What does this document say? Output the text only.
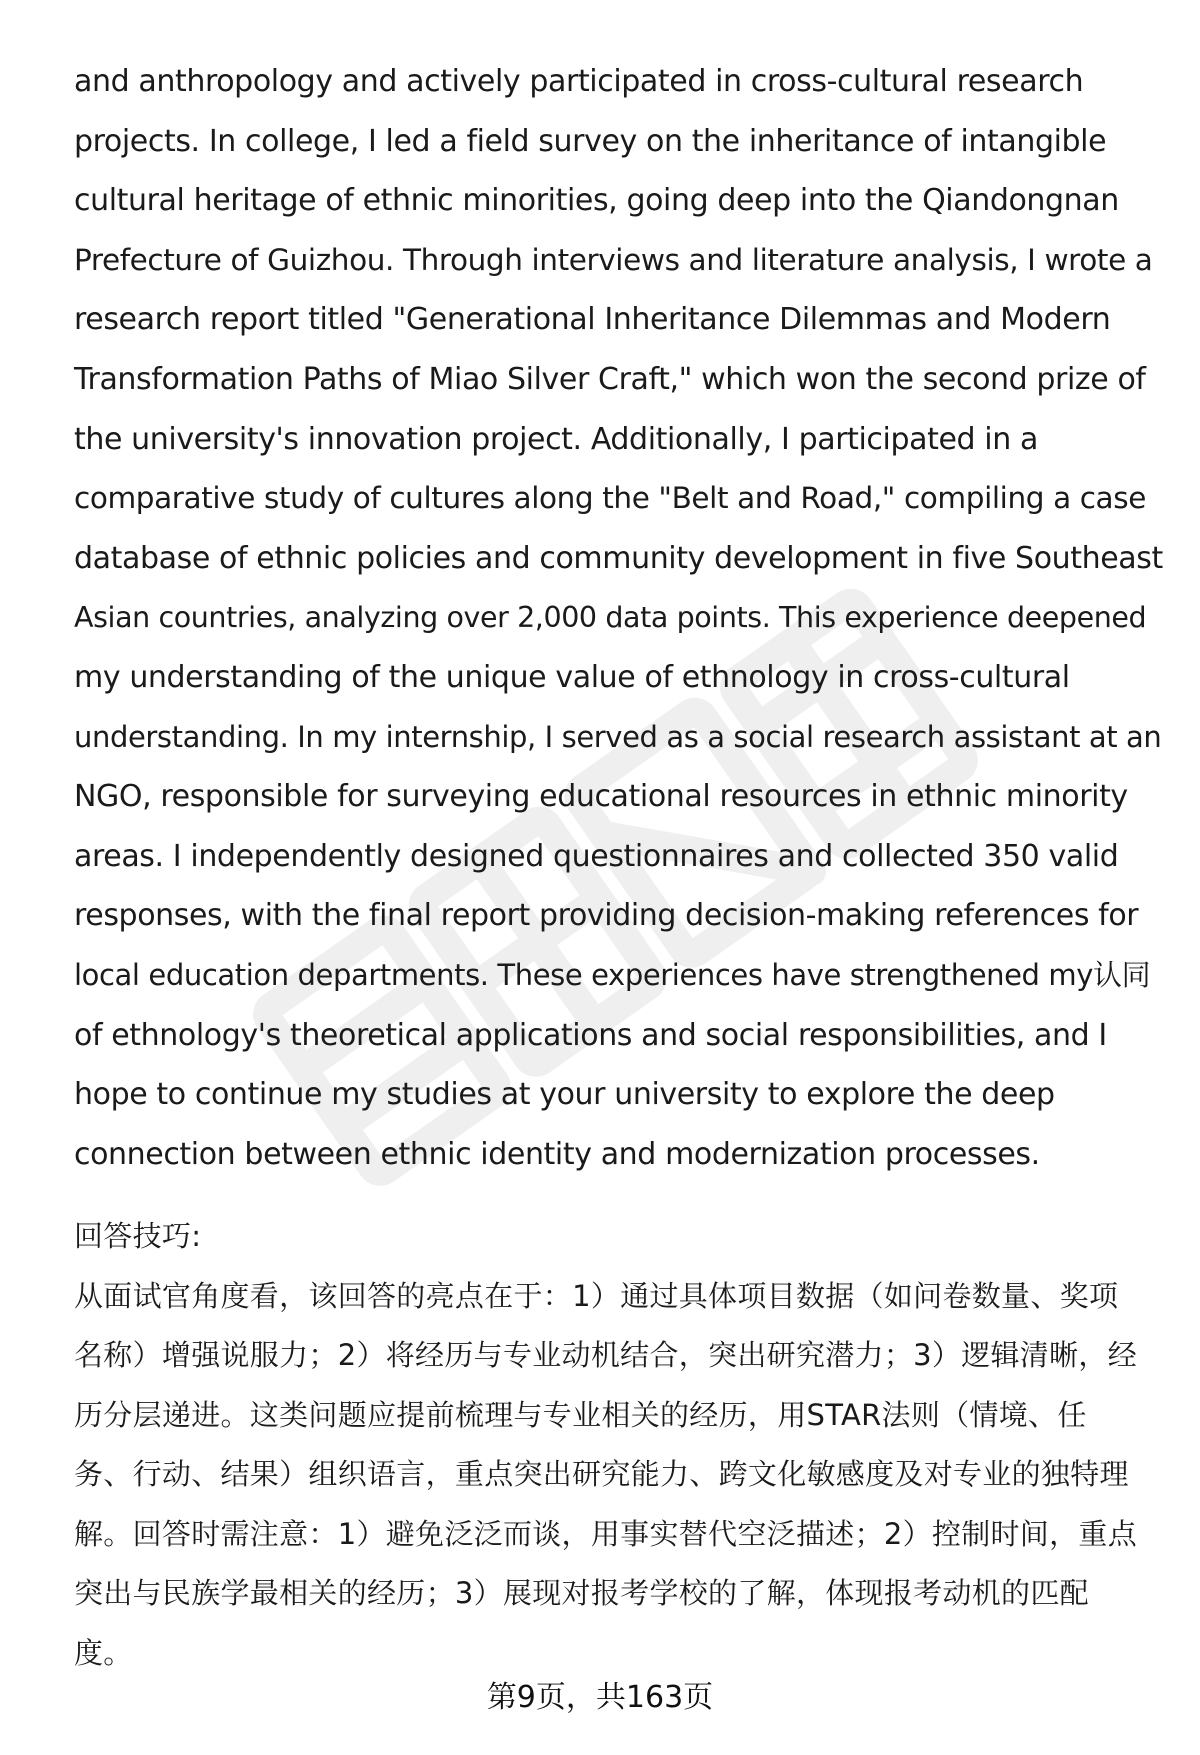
and anthropology and actively participated in cross-cultural research
projects. In college, I led a field survey on the inheritance of intangible
cultural heritage of ethnic minorities, going deep into the Qiandongnan
Prefecture of Guizhou. Through interviews and literature analysis, I wrote a
research report titled "Generational Inheritance Dilemmas and Modern
Transformation Paths of Miao Silver Craft," which won the second prize of
the university's innovation project. Additionally, I participated in a
comparative study of cultures along the "Belt and Road," compiling a case
database of ethnic policies and community development in five Southeast
Asian countries, analyzing over 2,000 data points. This experience deepened
my understanding of the unique value of ethnology in cross-cultural
understanding. In my internship, I served as a social research assistant at an
NGO, responsible for surveying educational resources in ethnic minority
areas. I independently designed questionnaires and collected 350 valid
responses, with the final report providing decision-making references for
local education departments. These experiences have strengthened my认同
of ethnology's theoretical applications and social responsibilities, and I
hope to continue my studies at your university to explore the deep
connection between ethnic identity and modernization processes.
回答技巧:
从面试官角度看，该回答的亮点在于：1）通过具体项目数据（如问卷数量、奖项
名称）增强说服力；2）将经历与专业动机结合，突出研究潜力；3）逻辑清晰，经
历分层递进。这类问题应提前梳理与专业相关的经历，用STAR法则（情境、任
务、行动、结果）组织语言，重点突出研究能力、跨文化敏感度及对专业的独特理
解。回答时需注意：1）避免泛泛而谈，用事实替代空泛描述；2）控制时间，重点
突出与民族学最相关的经历；3）展现对报考学校的了解，体现报考动机的匹配
度。
第9页，共163页
